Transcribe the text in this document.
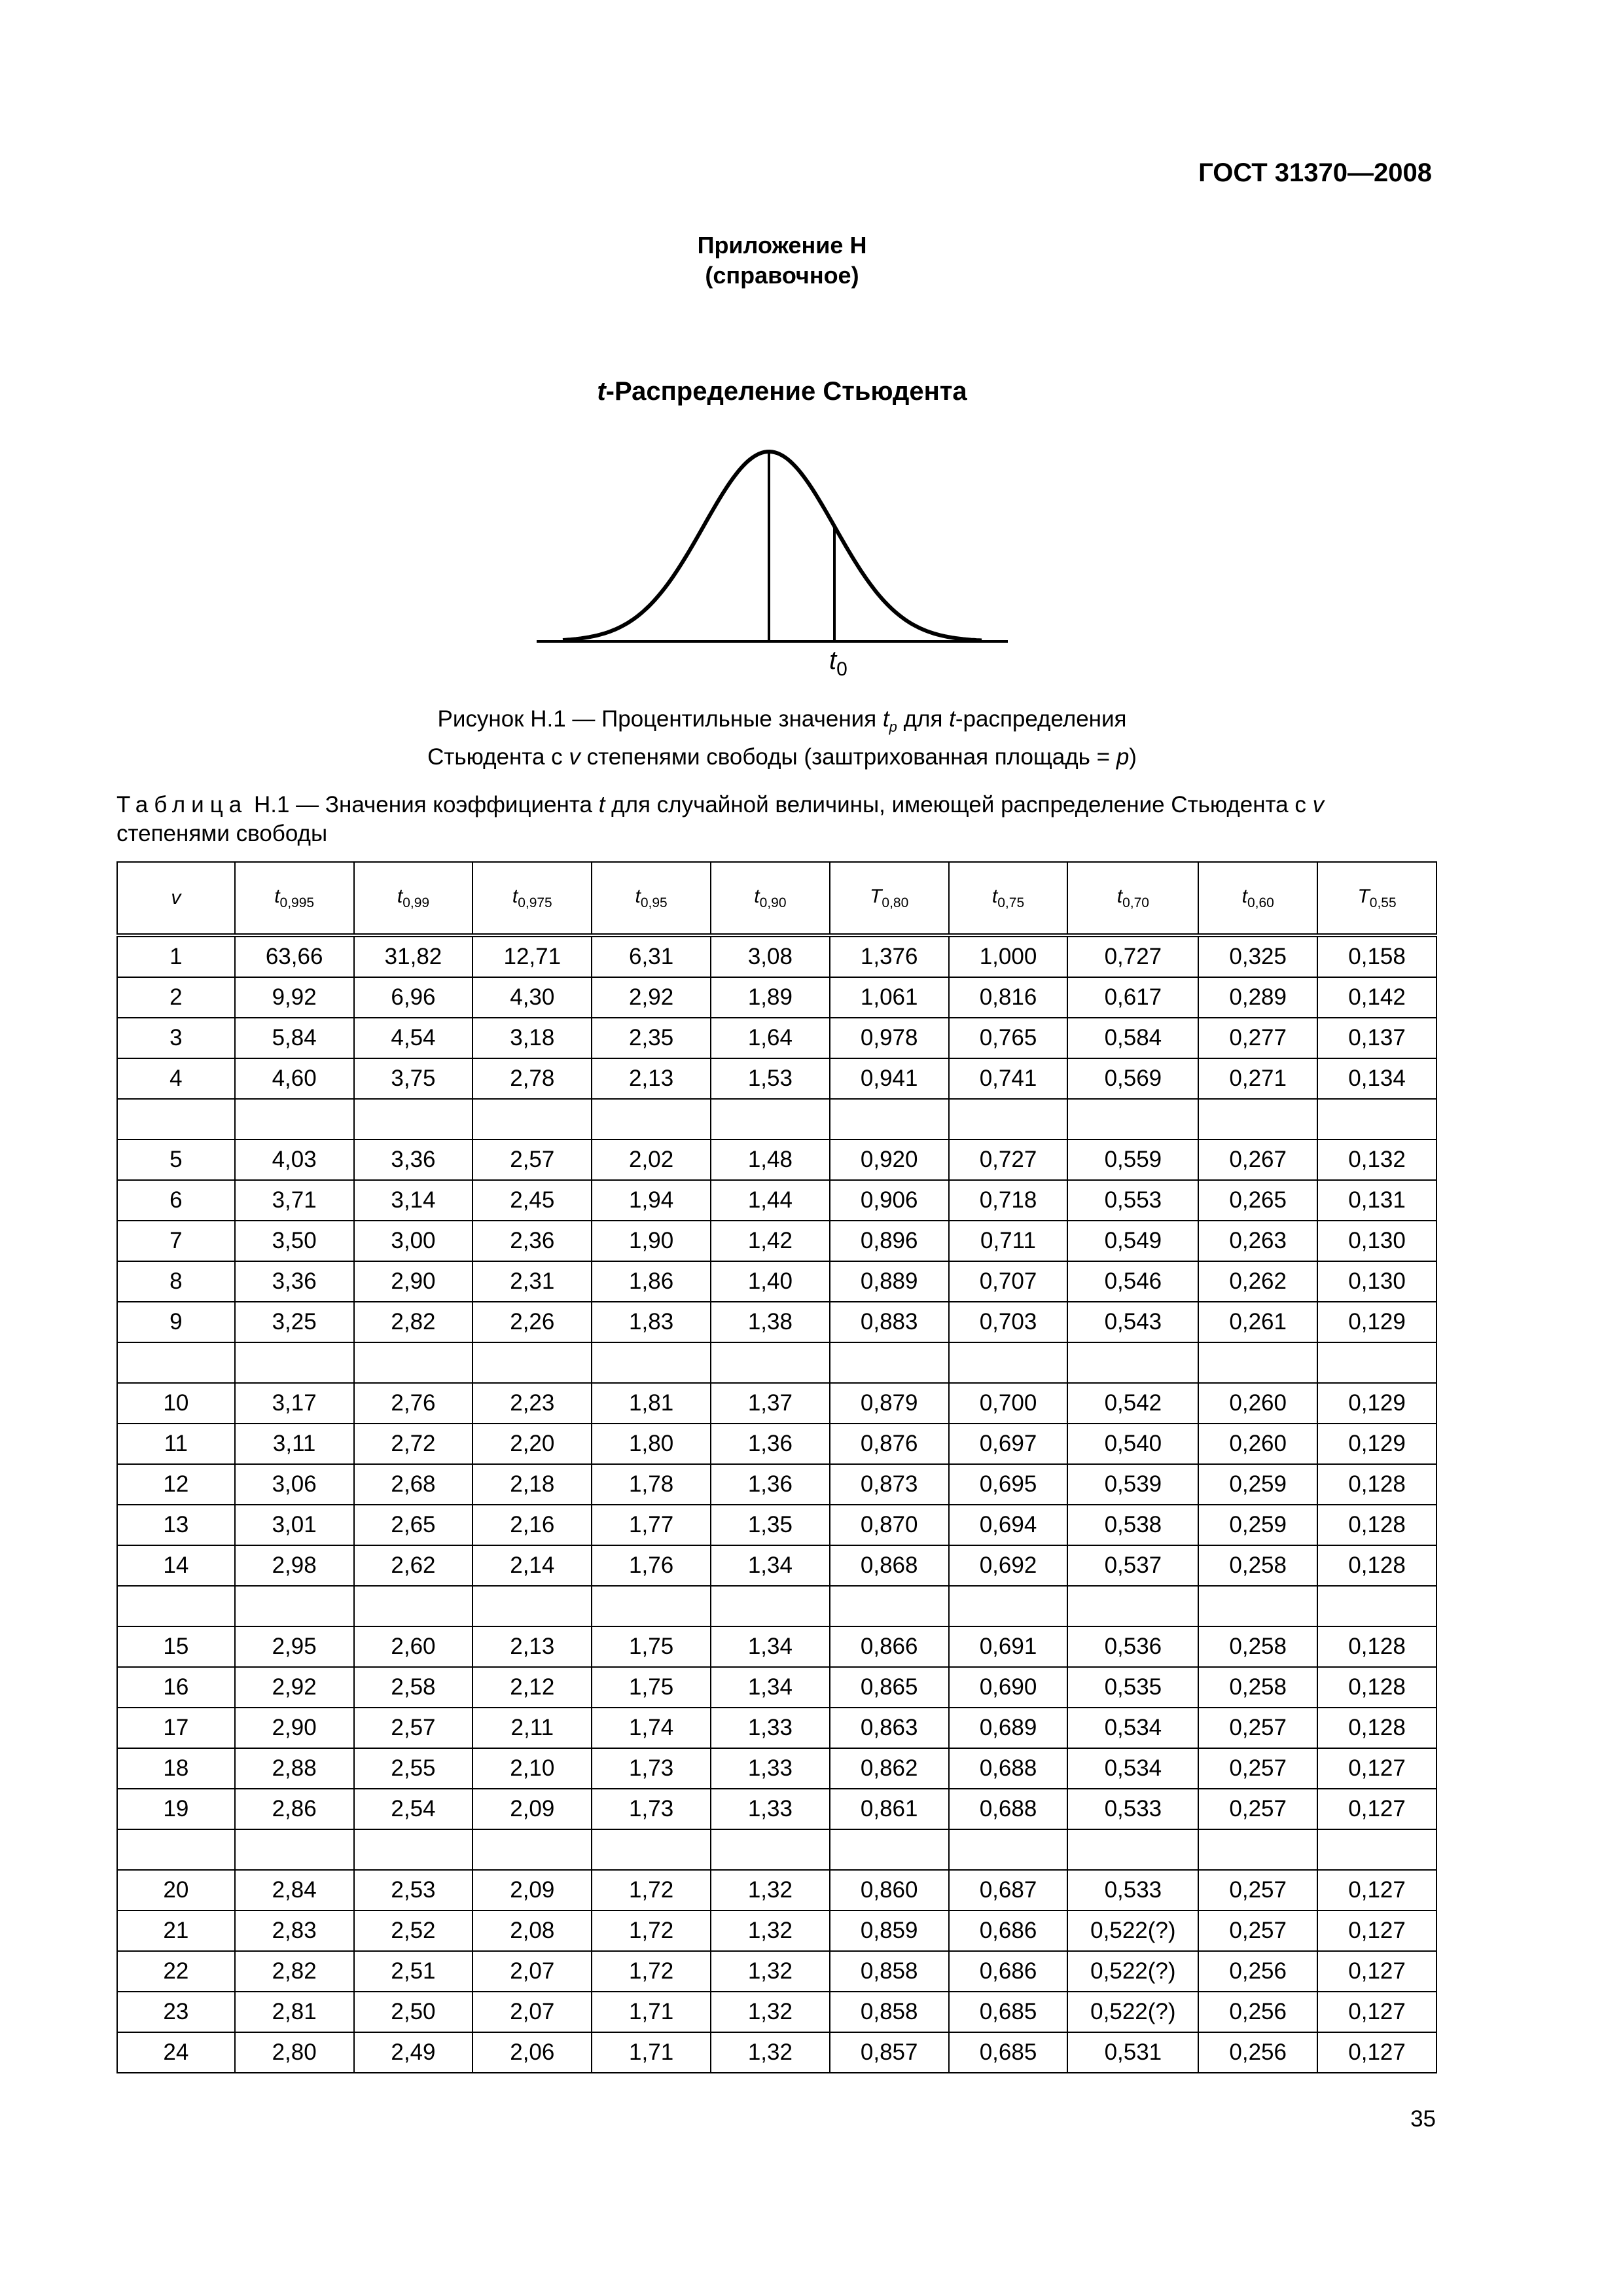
ГОСТ 31370—2008
Приложение Н
(справочное)
t-Распределение Стьюдента
$t_0$
Рисунок Н.1 — Процентильные значения $t_p$ для t-распределения
Стьюдента с v степенями свободы (заштрихованная площадь = p)
Таблица Н.1 — Значения коэффициента t для случайной величины, имеющей распределение Стьюдента с v
степенями свободы
v	$t_{0,995}$	$t_{0,99}$	$t_{0,975}$	$t_{0,95}$	$t_{0,90}$	$T_{0,80}$	$t_{0,75}$	$t_{0,70}$	$t_{0,60}$	$T_{0,55}$
1	63,66	31,82	12,71	6,31	3,08	1,376	1,000	0,727	0,325	0,158
2	9,92	6,96	4,30	2,92	1,89	1,061	0,816	0,617	0,289	0,142
3	5,84	4,54	3,18	2,35	1,64	0,978	0,765	0,584	0,277	0,137
4	4,60	3,75	2,78	2,13	1,53	0,941	0,741	0,569	0,271	0,134

5	4,03	3,36	2,57	2,02	1,48	0,920	0,727	0,559	0,267	0,132
6	3,71	3,14	2,45	1,94	1,44	0,906	0,718	0,553	0,265	0,131
7	3,50	3,00	2,36	1,90	1,42	0,896	0,711	0,549	0,263	0,130
8	3,36	2,90	2,31	1,86	1,40	0,889	0,707	0,546	0,262	0,130
9	3,25	2,82	2,26	1,83	1,38	0,883	0,703	0,543	0,261	0,129

10	3,17	2,76	2,23	1,81	1,37	0,879	0,700	0,542	0,260	0,129
11	3,11	2,72	2,20	1,80	1,36	0,876	0,697	0,540	0,260	0,129
12	3,06	2,68	2,18	1,78	1,36	0,873	0,695	0,539	0,259	0,128
13	3,01	2,65	2,16	1,77	1,35	0,870	0,694	0,538	0,259	0,128
14	2,98	2,62	2,14	1,76	1,34	0,868	0,692	0,537	0,258	0,128

15	2,95	2,60	2,13	1,75	1,34	0,866	0,691	0,536	0,258	0,128
16	2,92	2,58	2,12	1,75	1,34	0,865	0,690	0,535	0,258	0,128
17	2,90	2,57	2,11	1,74	1,33	0,863	0,689	0,534	0,257	0,128
18	2,88	2,55	2,10	1,73	1,33	0,862	0,688	0,534	0,257	0,127
19	2,86	2,54	2,09	1,73	1,33	0,861	0,688	0,533	0,257	0,127

20	2,84	2,53	2,09	1,72	1,32	0,860	0,687	0,533	0,257	0,127
21	2,83	2,52	2,08	1,72	1,32	0,859	0,686	0,522(?)	0,257	0,127
22	2,82	2,51	2,07	1,72	1,32	0,858	0,686	0,522(?)	0,256	0,127
23	2,81	2,50	2,07	1,71	1,32	0,858	0,685	0,522(?)	0,256	0,127
24	2,80	2,49	2,06	1,71	1,32	0,857	0,685	0,531	0,256	0,127
35
